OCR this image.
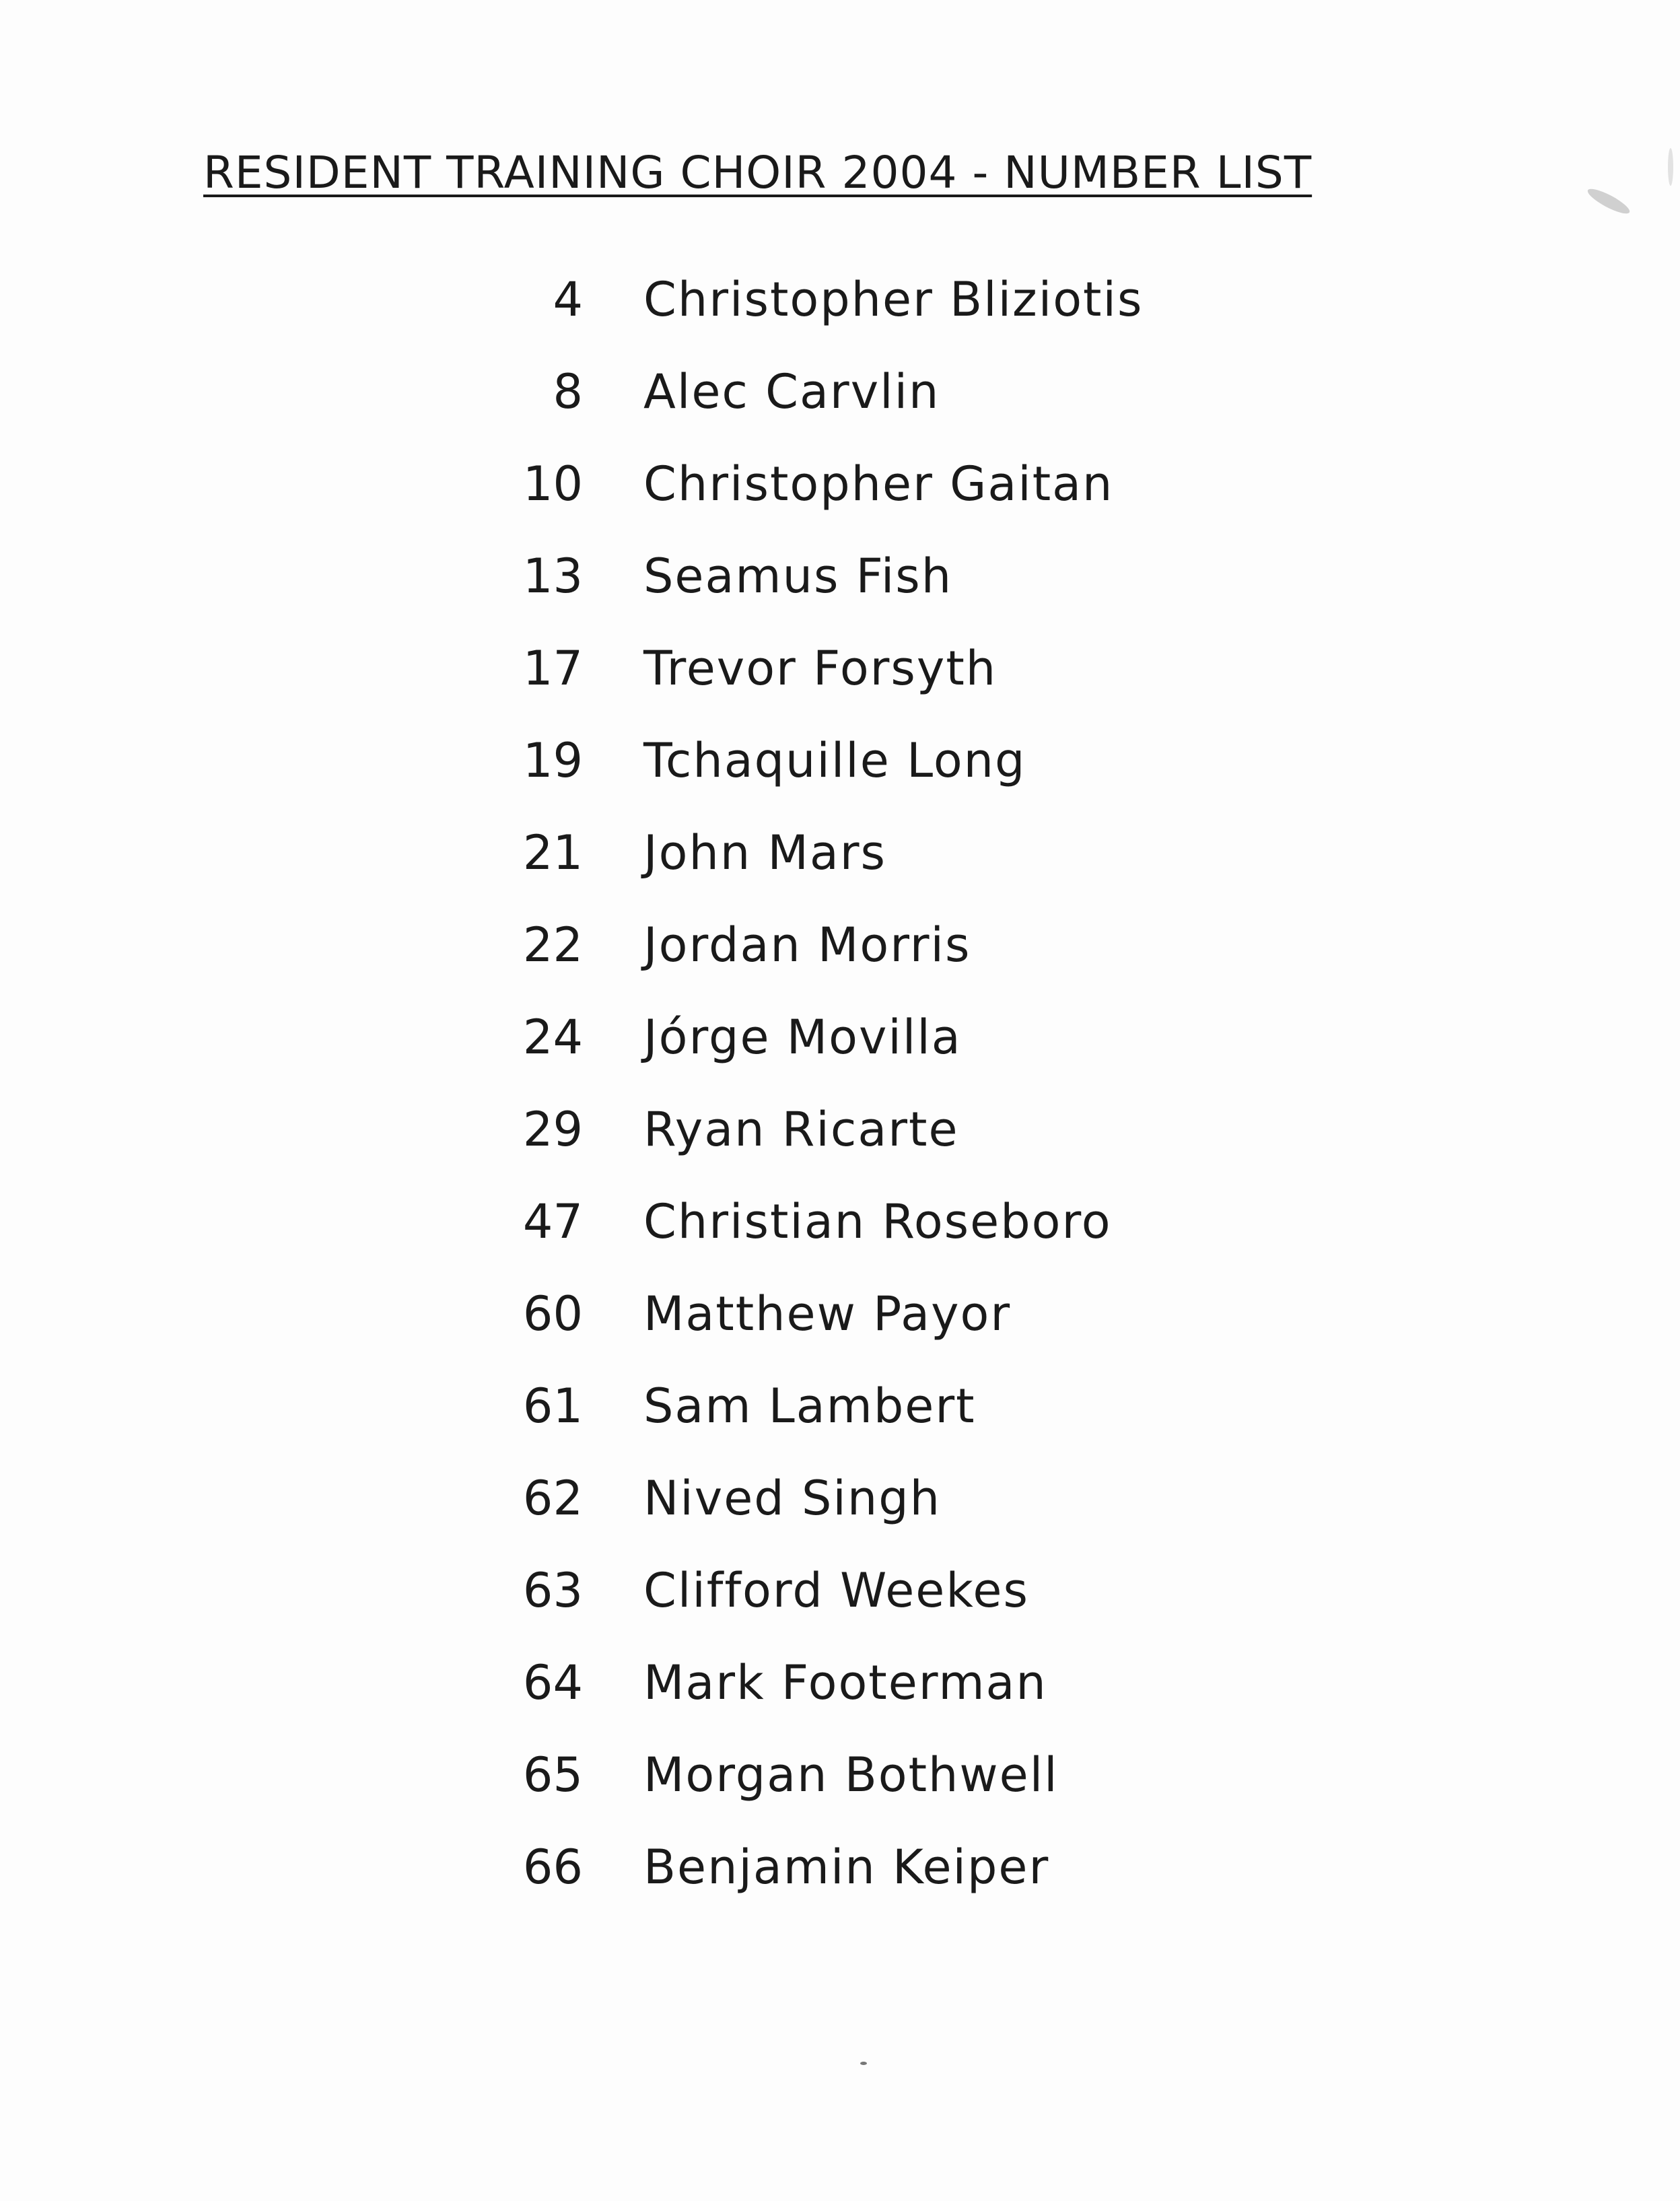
RESIDENT TRAINING CHOIR 2004 - NUMBER LIST
4 Christopher Bliziotis
8 Alec Carvlin
10 Christopher Gaitan
13 Seamus Fish
17 Trevor Forsyth
19 Tchaquille Long
21 John Mars
22 Jordan Morris
24 Jórge Movilla
29 Ryan Ricarte
47 Christian Roseboro
60 Matthew Payor
61 Sam Lambert
62 Nived Singh
63 Clifford Weekes
64 Mark Footerman
65 Morgan Bothwell
66 Benjamin Keiper
